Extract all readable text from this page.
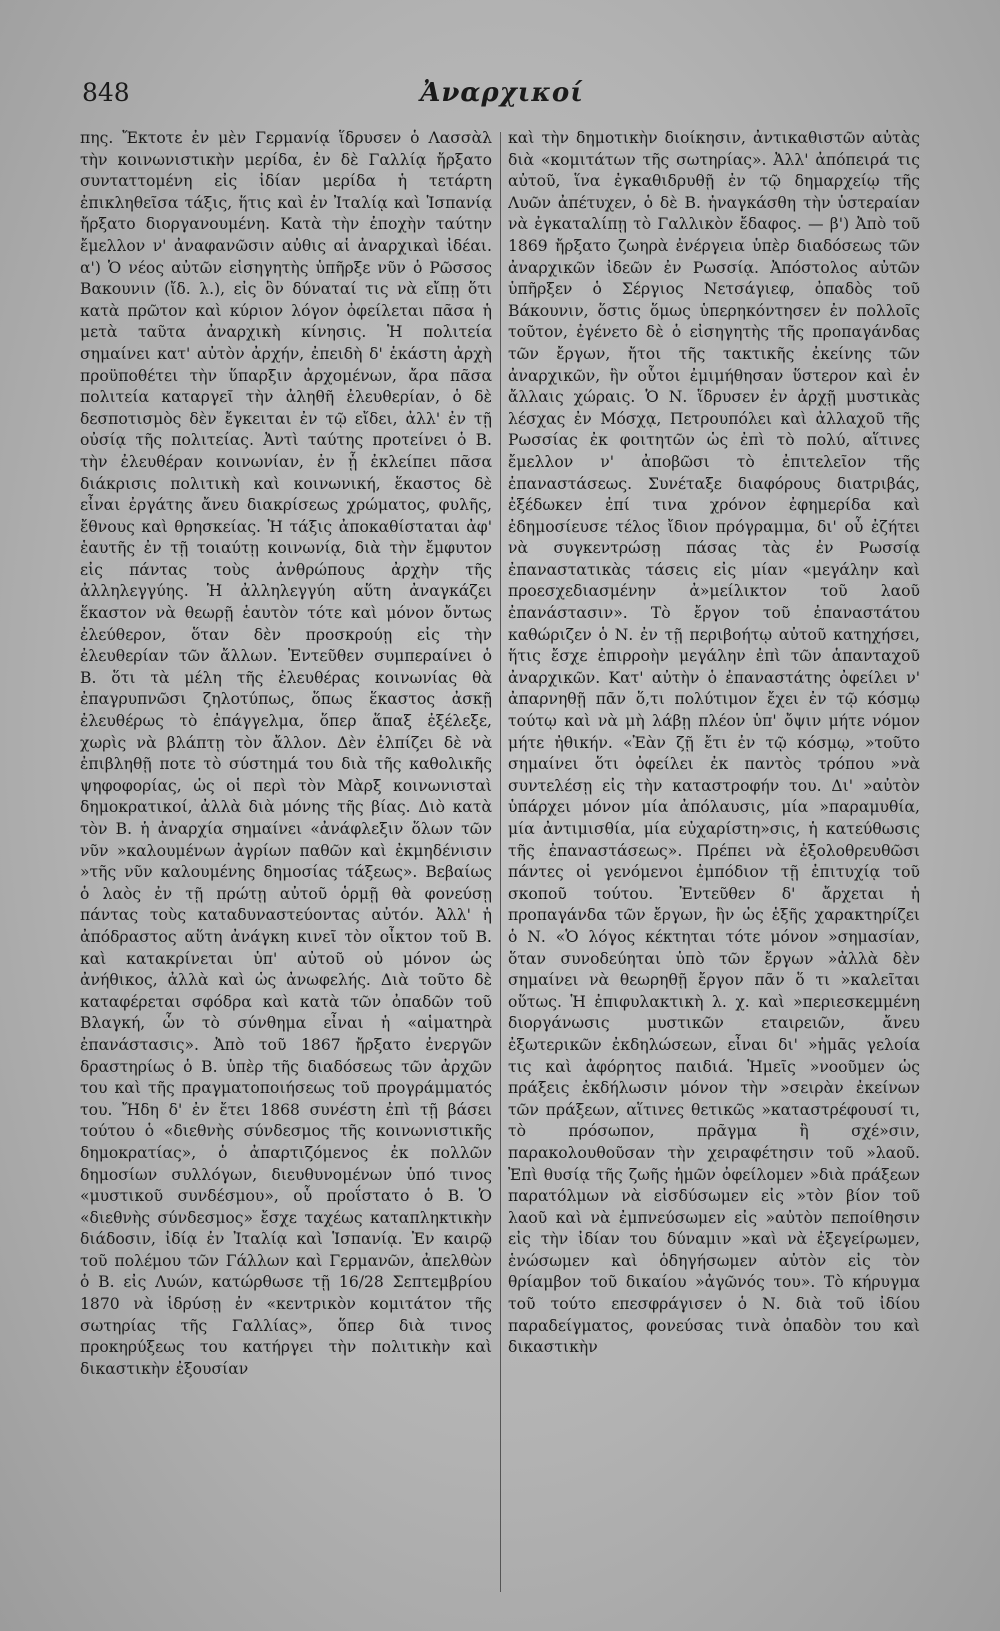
848	Ἀναρχικοί

πης. Ἔκτοτε ἐν μὲν Γερμανίᾳ ἵδρυσεν ὁ Λασσὰλ τὴν κοινωνιστικὴν μερίδα, ἐν δὲ Γαλλίᾳ ἤρξατο συνταττομένη εἰς ἰδίαν μερίδα ἡ τετάρτη ἐπικληθεῖσα τάξις, ἥτις καὶ ἐν Ἰταλίᾳ καὶ Ἱσπανίᾳ ἤρξατο διοργανουμένη. Κατὰ τὴν ἐποχὴν ταύτην ἔμελλον ν' ἀναφανῶσιν αὐθις αἱ ἀναρχικαὶ ἰδέαι. α') Ὁ νέος αὐτῶν εἰσηγητὴς ὑπῆρξε νῦν ὁ Ρῶσσος Βακουνιν (ἴδ. λ.), εἰς ὃν δύναταί τις νὰ εἴπῃ ὅτι κατὰ πρῶτον καὶ κύριον λόγον ὀφείλεται πᾶσα ἡ μετὰ ταῦτα ἀναρχικὴ κίνησις. Ἡ πολιτεία σημαίνει κατ' αὐτὸν ἀρχήν, ἐπειδὴ δ' ἑκάστη ἀρχὴ προϋποθέτει τὴν ὕπαρξιν ἀρχομένων, ἄρα πᾶσα πολιτεία καταργεῖ τὴν ἀληθῆ ἐλευθερίαν, ὁ δὲ δεσποτισμὸς δὲν ἔγκειται ἐν τῷ εἴδει, ἀλλ' ἐν τῇ οὐσίᾳ τῆς πολιτείας. Ἀντὶ ταύτης προτείνει ὁ Β. τὴν ἐλευθέραν κοινωνίαν, ἐν ᾗ ἐκλείπει πᾶσα διάκρισις πολιτικὴ καὶ κοινωνική, ἕκαστος δὲ εἶναι ἐργάτης ἄνευ διακρίσεως χρώματος, φυλῆς, ἔθνους καὶ θρησκείας. Ἡ τάξις ἀποκαθίσταται ἀφ' ἑαυτῆς ἐν τῇ τοιαύτῃ κοινωνίᾳ, διὰ τὴν ἔμφυτον εἰς πάντας τοὺς ἀνθρώπους ἀρχὴν τῆς ἀλληλεγγύης. Ἡ ἀλληλεγγύη αὕτη ἀναγκάζει ἕκαστον νὰ θεωρῇ ἑαυτὸν τότε καὶ μόνον ὄντως ἐλεύθερον, ὅταν δὲν προσκρούῃ εἰς τὴν ἐλευθερίαν τῶν ἄλλων. Ἐντεῦθεν συμπεραίνει ὁ Β. ὅτι τὰ μέλη τῆς ἐλευθέρας κοινωνίας θὰ ἐπαγρυπνῶσι ζηλοτύπως, ὅπως ἕκαστος ἀσκῇ ἐλευθέρως τὸ ἐπάγγελμα, ὅπερ ἅπαξ ἐξέλεξε, χωρὶς νὰ βλάπτῃ τὸν ἄλλον. Δὲν ἐλπίζει δὲ νὰ ἐπιβληθῇ ποτε τὸ σύστημά του διὰ τῆς καθολικῆς ψηφοφορίας, ὡς οἱ περὶ τὸν Μὰρξ κοινωνισταὶ δημοκρατικοί, ἀλλὰ διὰ μόνης τῆς βίας. Διὸ κατὰ τὸν Β. ἡ ἀναρχία σημαίνει «ἀνάφλεξιν ὅλων τῶν νῦν »καλουμένων ἀγρίων παθῶν καὶ ἐκμηδένισιν »τῆς νῦν καλουμένης δημοσίας τάξεως». Βεβαίως ὁ λαὸς ἐν τῇ πρώτῃ αὐτοῦ ὁρμῇ θὰ φονεύσῃ πάντας τοὺς καταδυναστεύοντας αὐτόν. Ἀλλ' ἡ ἀπόδραστος αὕτη ἀνάγκη κινεῖ τὸν οἶκτον τοῦ Β. καὶ κατακρίνεται ὑπ' αὐτοῦ οὐ μόνον ὡς ἀνήθικος, ἀλλὰ καὶ ὡς ἀνωφελής. Διὰ τοῦτο δὲ καταφέρεται σφόδρα καὶ κατὰ τῶν ὀπαδῶν τοῦ Βλαγκή, ὧν τὸ σύνθημα εἶναι ἡ «αἱματηρὰ ἐπανάστασις». Ἀπὸ τοῦ 1867 ἤρξατο ἐνεργῶν δραστηρίως ὁ Β. ὑπὲρ τῆς διαδόσεως τῶν ἀρχῶν του καὶ τῆς πραγματοποιήσεως τοῦ προγράμματός του. Ἤδη δ' ἐν ἔτει 1868 συνέστη ἐπὶ τῇ βάσει τούτου ὁ «διεθνὴς σύνδεσμος τῆς κοινωνιστικῆς δημοκρατίας», ὁ ἀπαρτιζόμενος ἐκ πολλῶν δημοσίων συλλόγων, διευθυνομένων ὑπό τινος «μυστικοῦ συνδέσμου», οὗ προΐστατο ὁ Β. Ὁ «διεθνὴς σύνδεσμος» ἔσχε ταχέως καταπληκτικὴν διάδοσιν, ἰδίᾳ ἐν Ἰταλίᾳ καὶ Ἱσπανίᾳ. Ἐν καιρῷ τοῦ πολέμου τῶν Γάλλων καὶ Γερμανῶν, ἀπελθὼν ὁ Β. εἰς Λυών, κατώρθωσε τῇ 16/28 Σεπτεμβρίου 1870 νὰ ἱδρύσῃ ἐν «κεντρικὸν κομιτάτον τῆς σωτηρίας τῆς Γαλλίας», ὅπερ διὰ τινος προκηρύξεως του κατήργει τὴν πολιτικὴν καὶ δικαστικὴν ἐξουσίαν

καὶ τὴν δημοτικὴν διοίκησιν, ἀντικαθιστῶν αὐτὰς διὰ «κομιτάτων τῆς σωτηρίας». Ἀλλ' ἀπόπειρά τις αὐτοῦ, ἵνα ἐγκαθιδρυθῇ ἐν τῷ δημαρχείῳ τῆς Λυῶν ἀπέτυχεν, ὁ δὲ Β. ἠναγκάσθη τὴν ὑστεραίαν νὰ ἐγκαταλίπῃ τὸ Γαλλικὸν ἔδαφος. — β') Ἀπὸ τοῦ 1869 ἤρξατο ζωηρὰ ἐνέργεια ὑπὲρ διαδόσεως τῶν ἀναρχικῶν ἰδεῶν ἐν Ρωσσίᾳ. Ἀπόστολος αὐτῶν ὑπῆρξεν ὁ Σέργιος Νετσάγιεφ, ὀπαδὸς τοῦ Βάκουνιν, ὅστις ὅμως ὑπερηκόντησεν ἐν πολλοῖς τοῦτον, ἐγένετο δὲ ὁ εἰσηγητὴς τῆς προπαγάνδας τῶν ἔργων, ἤτοι τῆς τακτικῆς ἐκείνης τῶν ἀναρχικῶν, ἣν οὗτοι ἐμιμήθησαν ὕστερον καὶ ἐν ἄλλαις χώραις. Ὁ Ν. ἵδρυσεν ἐν ἀρχῇ μυστικὰς λέσχας ἐν Μόσχᾳ, Πετρουπόλει καὶ ἀλλαχοῦ τῆς Ρωσσίας ἐκ φοιτητῶν ὡς ἐπὶ τὸ πολύ, αἵτινες ἔμελλον ν' ἀποβῶσι τὸ ἐπιτελεῖον τῆς ἐπαναστάσεως. Συνέταξε διαφόρους διατριβάς, ἐξέδωκεν ἐπί τινα χρόνον ἐφημερίδα καὶ ἐδημοσίευσε τέλος ἴδιον πρόγραμμα, δι' οὗ ἐζήτει νὰ συγκεντρώσῃ πάσας τὰς ἐν Ρωσσίᾳ ἐπαναστατικὰς τάσεις εἰς μίαν «μεγάλην καὶ προεσχεδιασμένην ἀ»μείλικτον τοῦ λαοῦ ἐπανάστασιν». Τὸ ἔργον τοῦ ἐπαναστάτου καθώριζεν ὁ Ν. ἐν τῇ περιβοήτῳ αὐτοῦ κατηχήσει, ἥτις ἔσχε ἐπιρροὴν μεγάλην ἐπὶ τῶν ἁπανταχοῦ ἀναρχικῶν. Κατ' αὐτὴν ὁ ἐπαναστάτης ὀφείλει ν' ἀπαρνηθῇ πᾶν ὅ,τι πολύτιμον ἔχει ἐν τῷ κόσμῳ τούτῳ καὶ νὰ μὴ λάβῃ πλέον ὑπ' ὄψιν μήτε νόμον μήτε ἠθικήν. «Ἐὰν ζῇ ἔτι ἐν τῷ κόσμῳ, »τοῦτο σημαίνει ὅτι ὀφείλει ἐκ παντὸς τρόπου »νὰ συντελέσῃ εἰς τὴν καταστροφήν του. Δι' »αὐτὸν ὑπάρχει μόνον μία ἀπόλαυσις, μία »παραμυθία, μία ἀντιμισθία, μία εὐχαρίστη»σις, ἡ κατεύθωσις τῆς ἐπαναστάσεως». Πρέπει νὰ ἐξολοθρευθῶσι πάντες οἱ γενόμενοι ἐμπόδιον τῇ ἐπιτυχίᾳ τοῦ σκοποῦ τούτου. Ἐντεῦθεν δ' ἄρχεται ἡ προπαγάνδα τῶν ἔργων, ἣν ὡς ἑξῆς χαρακτηρίζει ὁ Ν. «Ὁ λόγος κέκτηται τότε μόνον »σημασίαν, ὅταν συνοδεύηται ὑπὸ τῶν ἔργων »ἀλλὰ δὲν σημαίνει νὰ θεωρηθῇ ἔργον πᾶν ὅ τι »καλεῖται οὕτως. Ἡ ἐπιφυλακτικὴ λ. χ. καὶ »περιεσκεμμένη διοργάνωσις μυστικῶν εταιρειῶν, ἄνευ ἐξωτερικῶν ἐκδηλώσεων, εἶναι δι' »ἡμᾶς γελοία τις καὶ ἀφόρητος παιδιά. Ἡμεῖς »νοοῦμεν ὡς πράξεις ἐκδήλωσιν μόνον τὴν »σειρὰν ἐκείνων τῶν πράξεων, αἵτινες θετικῶς »καταστρέφουσί τι, τὸ πρόσωπον, πρᾶγμα ἢ σχέ»σιν, παρακολουθοῦσαν τὴν χειραφέτησιν τοῦ »λαοῦ. Ἐπὶ θυσίᾳ τῆς ζωῆς ἡμῶν ὀφείλομεν »διὰ πράξεων παρατόλμων νὰ εἰσδύσωμεν εἰς »τὸν βίον τοῦ λαοῦ καὶ νὰ ἐμπνεύσωμεν εἰς »αὐτὸν πεποίθησιν εἰς τὴν ἰδίαν του δύναμιν »καὶ νὰ ἐξεγείρωμεν, ἑνώσωμεν καὶ ὁδηγήσωμεν αὐτὸν εἰς τὸν θρίαμβον τοῦ δικαίου »ἀγῶνός του». Τὸ κήρυγμα τοῦ τούτο επεσφράγισεν ὁ Ν. διὰ τοῦ ἰδίου παραδείγματος, φονεύσας τινὰ ὀπαδὸν του καὶ δικαστικὴν
